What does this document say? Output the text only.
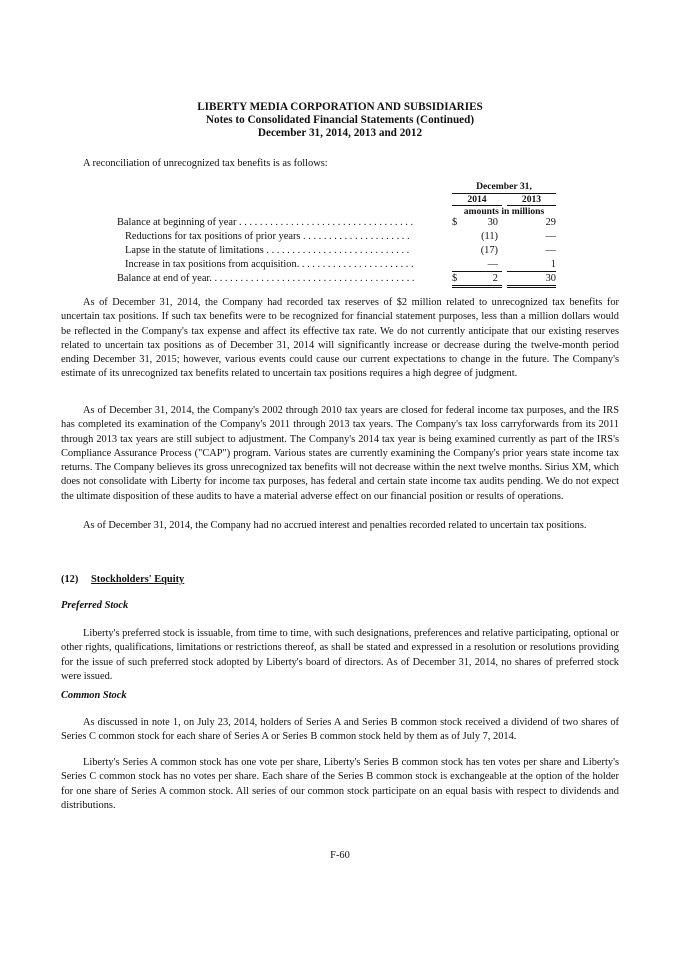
LIBERTY MEDIA CORPORATION AND SUBSIDIARIES
Notes to Consolidated Financial Statements (Continued)
December 31, 2014, 2013 and 2012

A reconciliation of unrecognized tax benefits is as follows:

December 31,
2014	2013
amounts in millions
Balance at beginning of year . . . . . . . . . . . . . . . . . . . . . . . . . . . . . . . . . .	$	30	29
Reductions for tax positions of prior years . . . . . . . . . . . . . . . . . . . . .	(11)	—
Lapse in the statute of limitations . . . . . . . . . . . . . . . . . . . . . . . . . . . .	(17)	—
Increase in tax positions from acquisition. . . . . . . . . . . . . . . . . . . . . . .	—	1
Balance at end of year. . . . . . . . . . . . . . . . . . . . . . . . . . . . . . . . . . . . . . . .	$	2	30

As of December 31, 2014, the Company had recorded tax reserves of $2 million related to unrecognized tax benefits for uncertain tax positions. If such tax benefits were to be recognized for financial statement purposes, less than a million dollars would be reflected in the Company's tax expense and affect its effective tax rate. We do not currently anticipate that our existing reserves related to uncertain tax positions as of December 31, 2014 will significantly increase or decrease during the twelve-month period ending December 31, 2015; however, various events could cause our current expectations to change in the future. The Company's estimate of its unrecognized tax benefits related to uncertain tax positions requires a high degree of judgment.

As of December 31, 2014, the Company's 2002 through 2010 tax years are closed for federal income tax purposes, and the IRS has completed its examination of the Company's 2011 through 2013 tax years. The Company's tax loss carryforwards from its 2011 through 2013 tax years are still subject to adjustment. The Company's 2014 tax year is being examined currently as part of the IRS's Compliance Assurance Process ("CAP") program. Various states are currently examining the Company's prior years state income tax returns. The Company believes its gross unrecognized tax benefits will not decrease within the next twelve months. Sirius XM, which does not consolidate with Liberty for income tax purposes, has federal and certain state income tax audits pending. We do not expect the ultimate disposition of these audits to have a material adverse effect on our financial position or results of operations.

As of December 31, 2014, the Company had no accrued interest and penalties recorded related to uncertain tax positions.

(12) Stockholders' Equity
Preferred Stock

Liberty's preferred stock is issuable, from time to time, with such designations, preferences and relative participating, optional or other rights, qualifications, limitations or restrictions thereof, as shall be stated and expressed in a resolution or resolutions providing for the issue of such preferred stock adopted by Liberty's board of directors. As of December 31, 2014, no shares of preferred stock were issued.

Common Stock

As discussed in note 1, on July 23, 2014, holders of Series A and Series B common stock received a dividend of two shares of Series C common stock for each share of Series A or Series B common stock held by them as of July 7, 2014.

Liberty's Series A common stock has one vote per share, Liberty's Series B common stock has ten votes per share and Liberty's Series C common stock has no votes per share. Each share of the Series B common stock is exchangeable at the option of the holder for one share of Series A common stock. All series of our common stock participate on an equal basis with respect to dividends and distributions.

F-60
